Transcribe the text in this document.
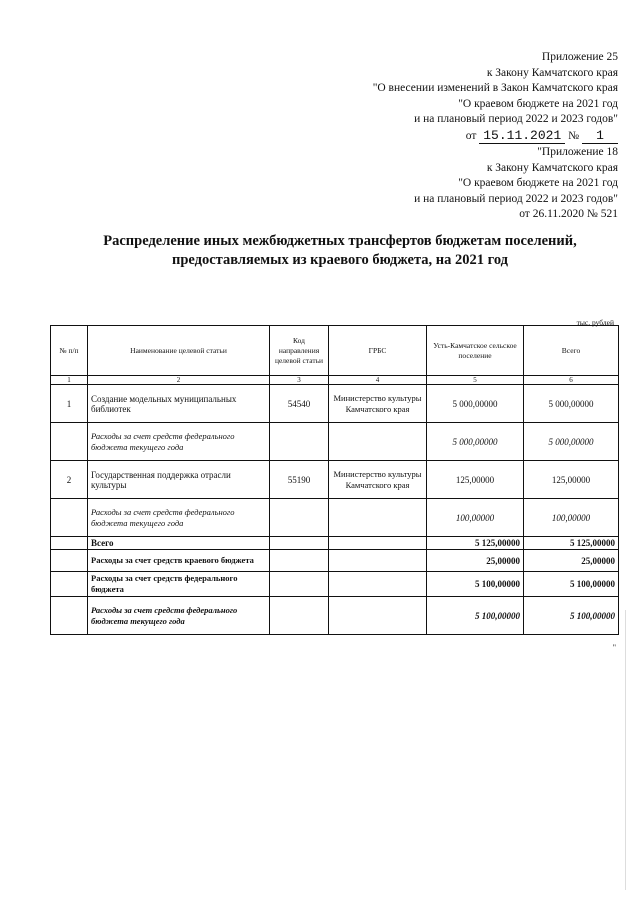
Приложение 25
к Закону Камчатского края
"О внесении изменений в Закон Камчатского края
"О краевом бюджете на 2021 год
и на плановый период 2022 и 2023 годов"
от 15.11.2021 № 1
"Приложение 18
к Закону Камчатского края
"О краевом бюджете на 2021 год
и на плановый период 2022 и 2023 годов"
от 26.11.2020 № 521
Распределение иных межбюджетных трансфертов бюджетам поселений,
предоставляемых из краевого бюджета, на 2021 год
тыс. рублей
№ п/п	Наименование целевой статьи	Код направления целевой статьи	ГРБС	Усть-Камчатское сельское поселение	Всего
1	2	3	4	5	6
1	Создание модельных муниципальных библиотек	54540	Министерство культуры Камчатского края	5 000,00000	5 000,00000
	Расходы за счет средств федерального бюджета текущего года			5 000,00000	5 000,00000
2	Государственная поддержка отрасли культуры	55190	Министерство культуры Камчатского края	125,00000	125,00000
	Расходы за счет средств федерального бюджета текущего года			100,00000	100,00000
	Всего			5 125,00000	5 125,00000
	Расходы за счет средств краевого бюджета			25,00000	25,00000
	Расходы за счет средств федерального бюджета			5 100,00000	5 100,00000
	Расходы за счет средств федерального бюджета текущего года			5 100,00000	5 100,00000
"
